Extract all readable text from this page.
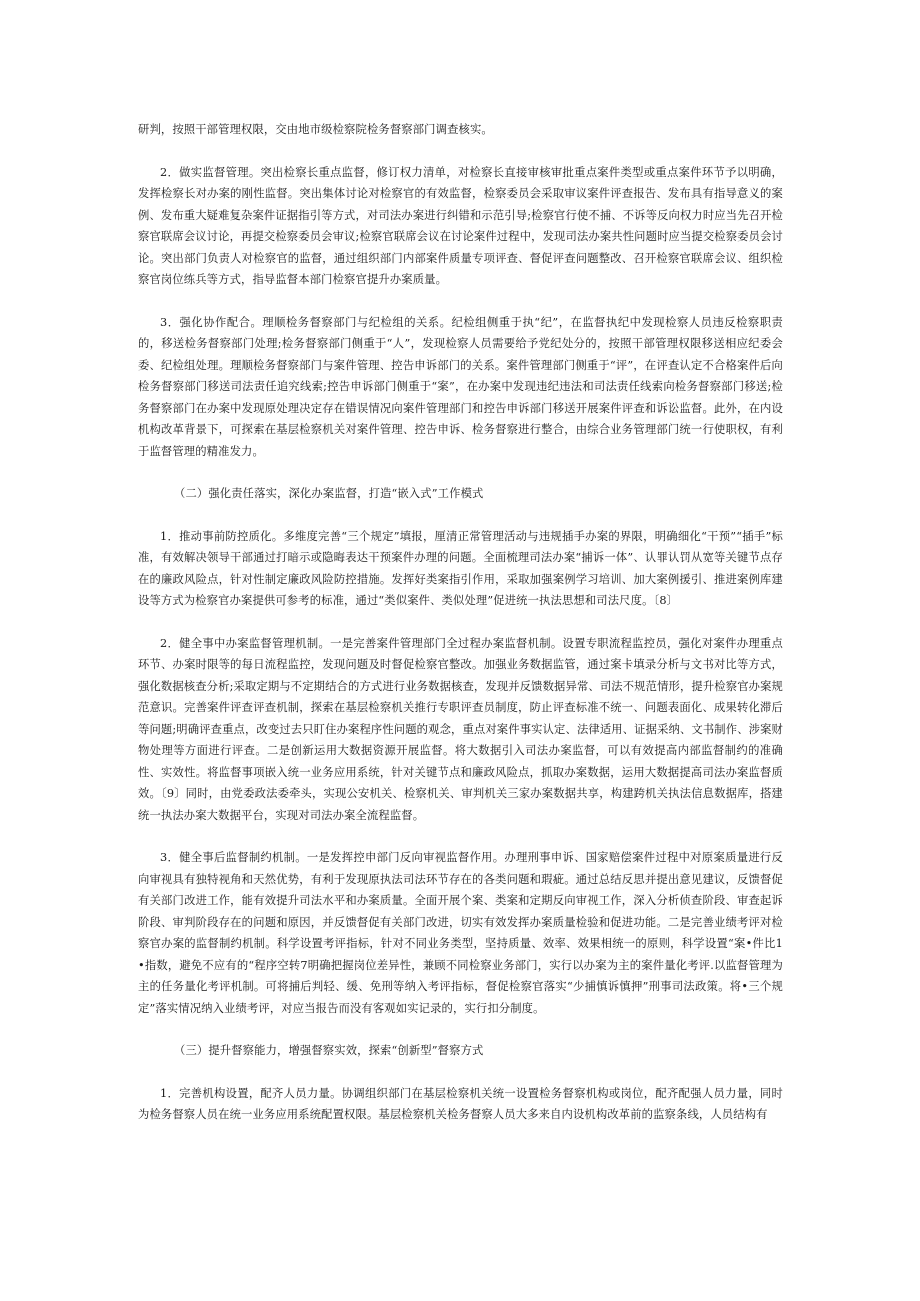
研判，按照干部管理权限，交由地市级检察院检务督察部门调查核实。

2．做实监督管理。突出检察长重点监督，修订权力清单，对检察长直接审核审批重点案件类型或重点案件环节予以明确，发挥检察长对办案的刚性监督。突出集体讨论对检察官的有效监督，检察委员会采取审议案件评查报告、发布具有指导意义的案例、发布重大疑难复杂案件证据指引等方式，对司法办案进行纠错和示范引导;检察官行使不捕、不诉等反向权力时应当先召开检察官联席会议讨论，再提交检察委员会审议;检察官联席会议在讨论案件过程中，发现司法办案共性问题时应当提交检察委员会讨论。突出部门负责人对检察官的监督，通过组织部门内部案件质量专项评查、督促评查问题整改、召开检察官联席会议、组织检察官岗位练兵等方式，指导监督本部门检察官提升办案质量。

3．强化协作配合。理顺检务督察部门与纪检组的关系。纪检组侧重于执“纪”，在监督执纪中发现检察人员违反检察职责的，移送检务督察部门处理;检务督察部门侧重于“人”，发现检察人员需要给予党纪处分的，按照干部管理权限移送相应纪委会委、纪检组处理。理顺检务督察部门与案件管理、控告申诉部门的关系。案件管理部门侧重于“评”，在评查认定不合格案件后向检务督察部门移送司法责任追究线索;控告申诉部门侧重于“案”，在办案中发现违纪违法和司法责任线索向检务督察部门移送;检务督察部门在办案中发现原处理决定存在错误情况向案件管理部门和控告申诉部门移送开展案件评查和诉讼监督。此外，在内设机构改革背景下，可探索在基层检察机关对案件管理、控告申诉、检务督察进行整合，由综合业务管理部门统一行使职权，有利于监督管理的精准发力。

（二）强化责任落实，深化办案监督，打造“嵌入式”工作模式

1．推动事前防控质化。多维度完善“三个规定”填报，厘清正常管理活动与违规插手办案的界限，明确细化“干预”“插手”标准，有效解决领导干部通过打暗示或隐晦表达干预案件办理的问题。全面梳理司法办案“捕诉一体”、认罪认罚从宽等关键节点存在的廉政风险点，针对性制定廉政风险防控措施。发挥好类案指引作用，采取加强案例学习培训、加大案例援引、推进案例库建设等方式为检察官办案提供可参考的标准，通过“类似案件、类似处理”促进统一执法思想和司法尺度。〔8〕

2．健全事中办案监督管理机制。一是完善案件管理部门全过程办案监督机制。设置专职流程监控员，强化对案件办理重点环节、办案时限等的每日流程监控，发现问题及时督促检察官整改。加强业务数据监管，通过案卡填录分析与文书对比等方式，强化数据核查分析;采取定期与不定期结合的方式进行业务数据核查，发现并反馈数据异常、司法不规范情形，提升检察官办案规范意识。完善案件评查评查机制，探索在基层检察机关推行专职评查员制度，防止评查标准不统一、问题表面化、成果转化滞后等问题;明确评查重点，改变过去只盯住办案程序性问题的观念，重点对案件事实认定、法律适用、证据采纳、文书制作、涉案财物处理等方面进行评查。二是创新运用大数据资源开展监督。将大数据引入司法办案监督，可以有效提高内部监督制约的准确性、实效性。将监督事项嵌入统一业务应用系统，针对关键节点和廉政风险点，抓取办案数据，运用大数据提高司法办案监督质效。〔9〕同时，由党委政法委牵头，实现公安机关、检察机关、审判机关三家办案数据共享，构建跨机关执法信息数据库，搭建统一执法办案大数据平台，实现对司法办案全流程监督。

3．健全事后监督制约机制。一是发挥控申部门反向审视监督作用。办理刑事申诉、国家赔偿案件过程中对原案质量进行反向审视具有独特视角和天然优势，有利于发现原执法司法环节存在的各类问题和瑕疵。通过总结反思并提出意见建议，反馈督促有关部门改进工作，能有效提升司法水平和办案质量。全面开展个案、类案和定期反向审视工作，深入分析侦查阶段、审查起诉阶段、审判阶段存在的问题和原因，并反馈督促有关部门改进，切实有效发挥办案质量检验和促进功能。二是完善业绩考评对检察官办案的监督制约机制。科学设置考评指标，针对不同业务类型，坚持质量、效率、效果相统一的原则，科学设置“案•件比1•指数，避免不应有的“程序空转7明确把握岗位差异性，兼顾不同检察业务部门，实行以办案为主的案件量化考评.以监督管理为主的任务量化考评机制。可将捕后判轻、缓、免刑等纳入考评指标，督促检察官落实“少捕慎诉慎押”刑事司法政策。将•三个规定”落实情况纳入业绩考评，对应当报告而没有客观如实记录的，实行扣分制度。

（三）提升督察能力，增强督察实效，探索“创新型”督察方式

1．完善机构设置，配齐人员力量。协调组织部门在基层检察机关统一设置检务督察机构或岗位，配齐配强人员力量，同时为检务督察人员在统一业务应用系统配置权限。基层检察机关检务督察人员大多来自内设机构改革前的监察条线，人员结构有
